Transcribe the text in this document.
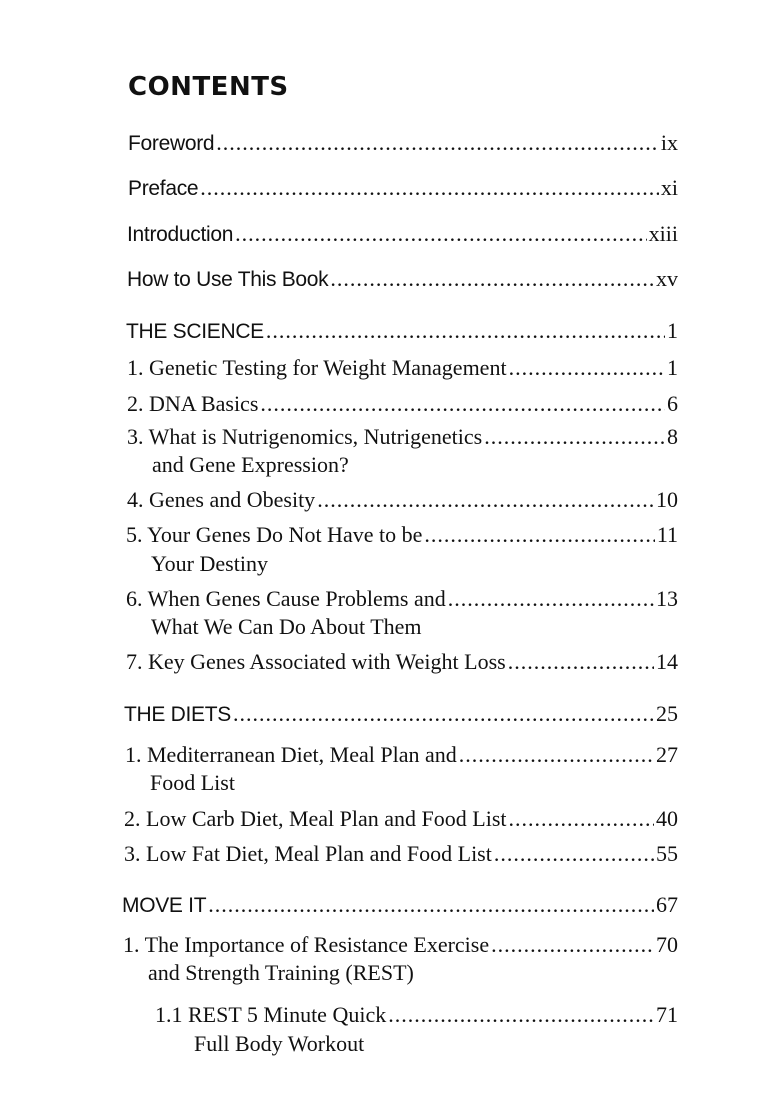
CONTENTS
Foreword .....	ix
Preface .....	xi
Introduction .....	xiii
How to Use This Book .....	xv
THE SCIENCE .....	1
1. Genetic Testing for Weight Management .....	1
2. DNA Basics .....	6
3. What is Nutrigenomics, Nutrigenetics .....	8
and Gene Expression?
4. Genes and Obesity .....	10
5. Your Genes Do Not Have to be .....	11
Your Destiny
6. When Genes Cause Problems and .....	13
What We Can Do About Them
7. Key Genes Associated with Weight Loss .....	14
THE DIETS .....	25
1. Mediterranean Diet, Meal Plan and .....	27
Food List
2. Low Carb Diet, Meal Plan and Food List .....	40
3. Low Fat Diet, Meal Plan and Food List .....	55
MOVE IT .....	67
1. The Importance of Resistance Exercise .....	70
and Strength Training (REST)
1.1 REST 5 Minute Quick .....	71
Full Body Workout
